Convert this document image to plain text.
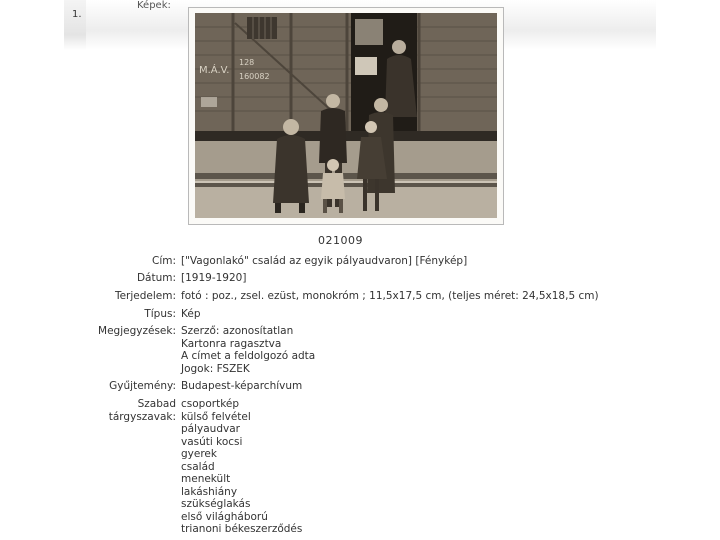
1.
Képek:
M.Á.V.
128
160082
021009
Cím: ["Vagonlakó" család az egyik pályaudvaron] [Fénykép]
Dátum: [1919-1920]
Terjedelem: fotó : poz., zsel. ezüst, monokróm ; 11,5x17,5 cm, (teljes méret: 24,5x18,5 cm)
Típus: Kép
Megjegyzések: Szerző: azonosítatlan
Kartonra ragasztva
A címet a feldolgozó adta
Jogok: FSZEK
Gyűjtemény: Budapest-képarchívum
Szabad
tárgyszavak:
csoportkép
külső felvétel
pályaudvar
vasúti kocsi
gyerek
család
menekült
lakáshiány
szükséglakás
első világháború
trianoni békeszerződés
